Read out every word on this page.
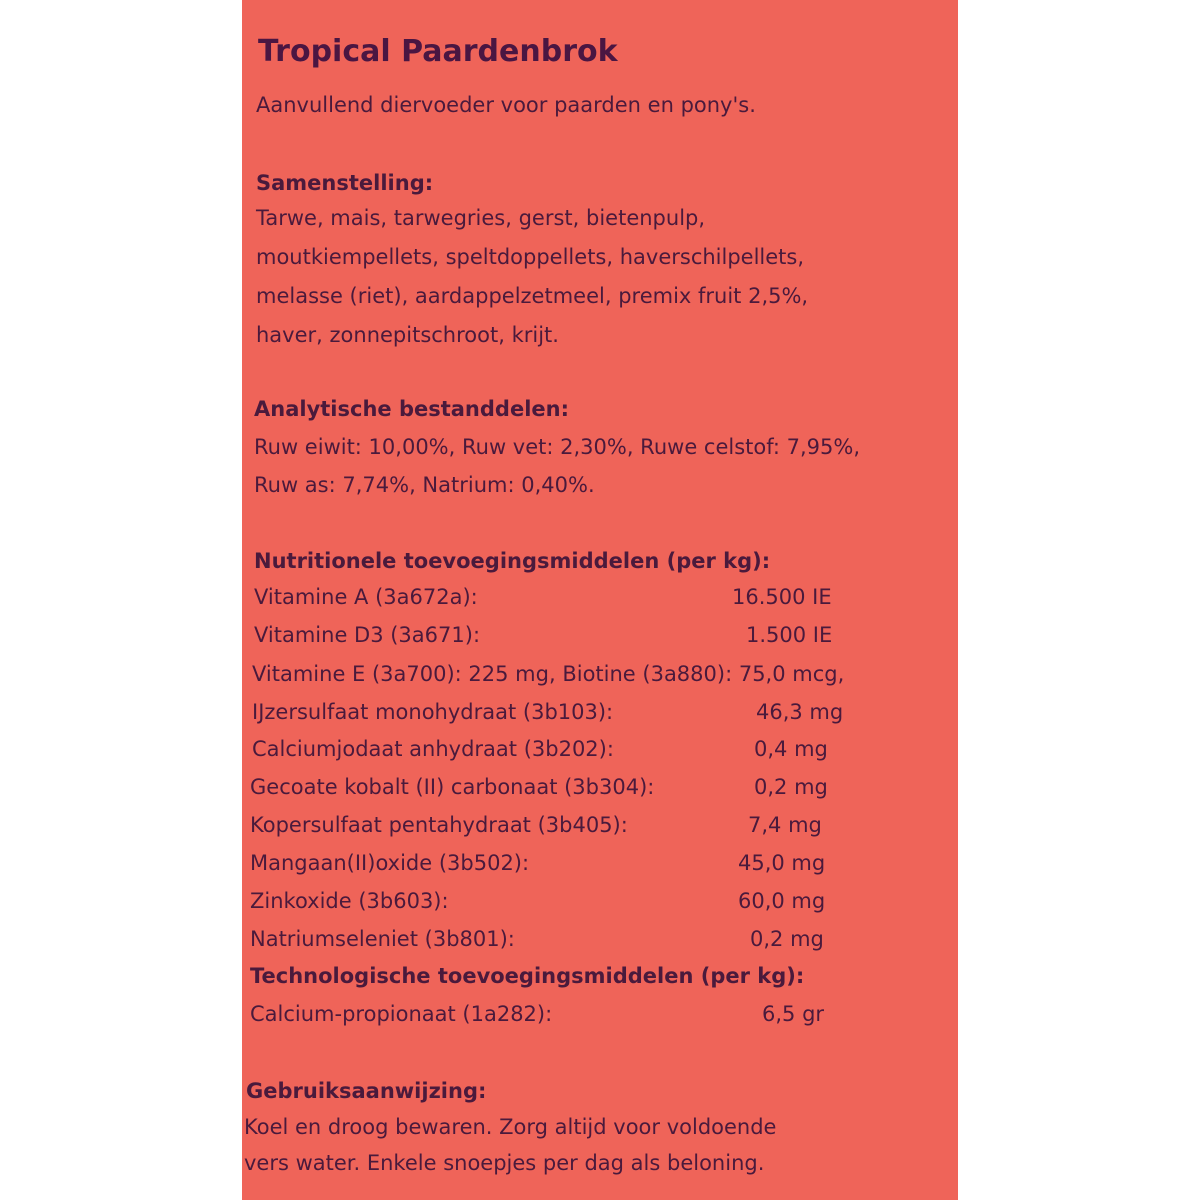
Tropical Paardenbrok
Aanvullend diervoeder voor paarden en pony's.
Samenstelling:
Tarwe, mais, tarwegries, gerst, bietenpulp,
moutkiempellets, speltdoppellets, haverschilpellets,
melasse (riet), aardappelzetmeel, premix fruit 2,5%,
haver, zonnepitschroot, krijt.
Analytische bestanddelen:
Ruw eiwit: 10,00%, Ruw vet: 2,30%, Ruwe celstof: 7,95%,
Ruw as: 7,74%, Natrium: 0,40%.
Nutritionele toevoegingsmiddelen (per kg):
Vitamine A (3a672a):	16.500 IE
Vitamine D3 (3a671):	1.500 IE
Vitamine E (3a700): 225 mg, Biotine (3a880): 75,0 mcg,
IJzersulfaat monohydraat (3b103):	46,3 mg
Calciumjodaat anhydraat (3b202):	0,4 mg
Gecoate kobalt (II) carbonaat (3b304):	0,2 mg
Kopersulfaat pentahydraat (3b405):	7,4 mg
Mangaan(II)oxide (3b502):	45,0 mg
Zinkoxide (3b603):	60,0 mg
Natriumseleniet (3b801):	0,2 mg
Technologische toevoegingsmiddelen (per kg):
Calcium-propionaat (1a282):	6,5 gr
Gebruiksaanwijzing:
Koel en droog bewaren. Zorg altijd voor voldoende
vers water. Enkele snoepjes per dag als beloning.
